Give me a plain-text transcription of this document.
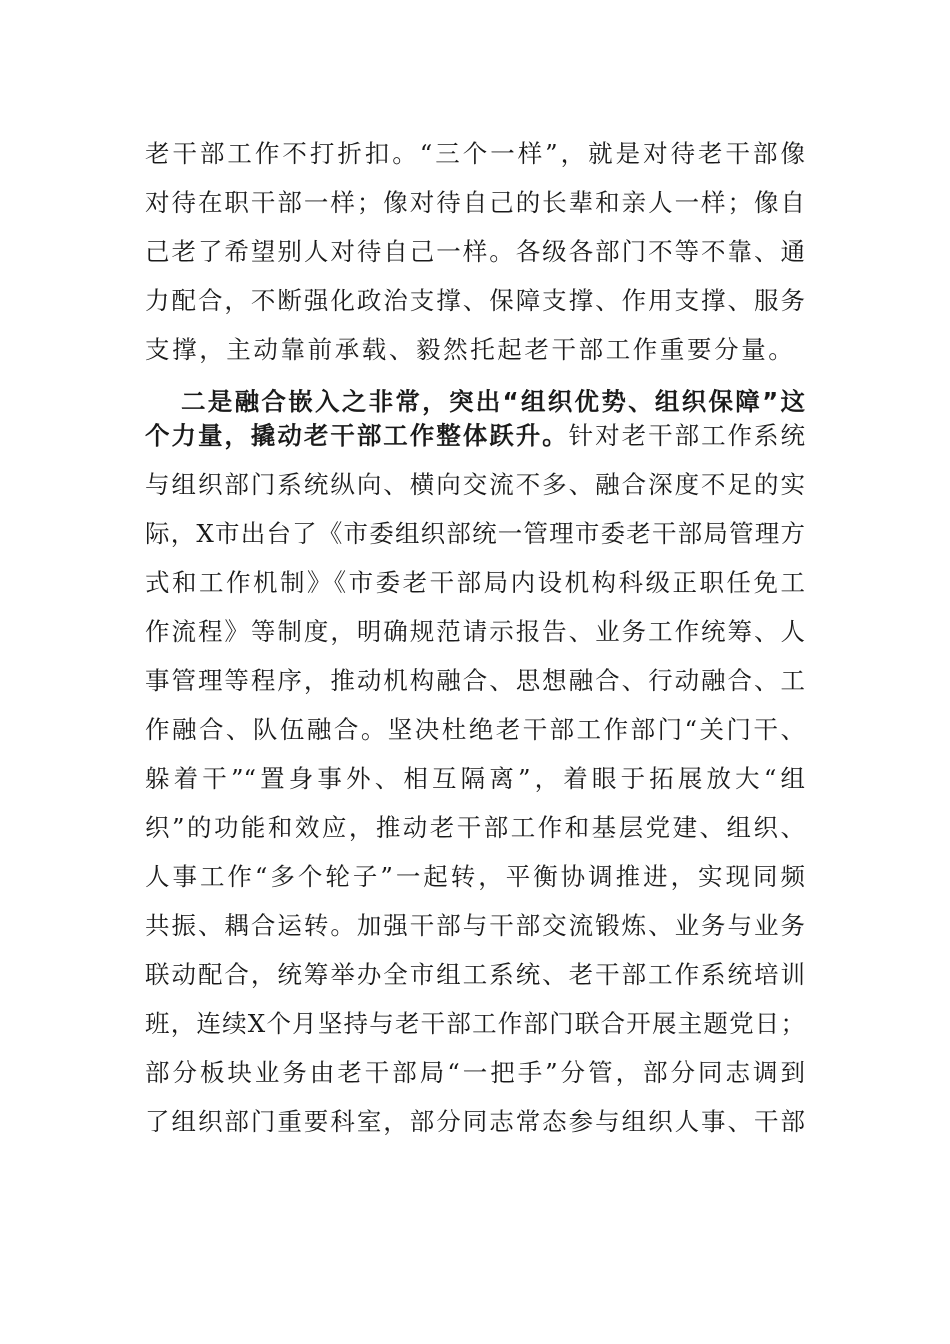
老干部工作不打折扣。“三个一样”，就是对待老干部像
对待在职干部一样；像对待自己的长辈和亲人一样；像自
己老了希望别人对待自己一样。各级各部门不等不靠、通
力配合，不断强化政治支撑、保障支撑、作用支撑、服务
支撑，主动靠前承载、毅然托起老干部工作重要分量。
二是融合嵌入之非常，突出“组织优势、组织保障”这
个力量，撬动老干部工作整体跃升。针对老干部工作系统
与组织部门系统纵向、横向交流不多、融合深度不足的实
际，X市出台了《市委组织部统一管理市委老干部局管理方
式和工作机制》《市委老干部局内设机构科级正职任免工
作流程》等制度，明确规范请示报告、业务工作统筹、人
事管理等程序，推动机构融合、思想融合、行动融合、工
作融合、队伍融合。坚决杜绝老干部工作部门“关门干、
躲着干”“置身事外、相互隔离”，着眼于拓展放大“组
织”的功能和效应，推动老干部工作和基层党建、组织、
人事工作“多个轮子”一起转，平衡协调推进，实现同频
共振、耦合运转。加强干部与干部交流锻炼、业务与业务
联动配合，统筹举办全市组工系统、老干部工作系统培训
班，连续X个月坚持与老干部工作部门联合开展主题党日；
部分板块业务由老干部局“一把手”分管，部分同志调到
了组织部门重要科室，部分同志常态参与组织人事、干部
